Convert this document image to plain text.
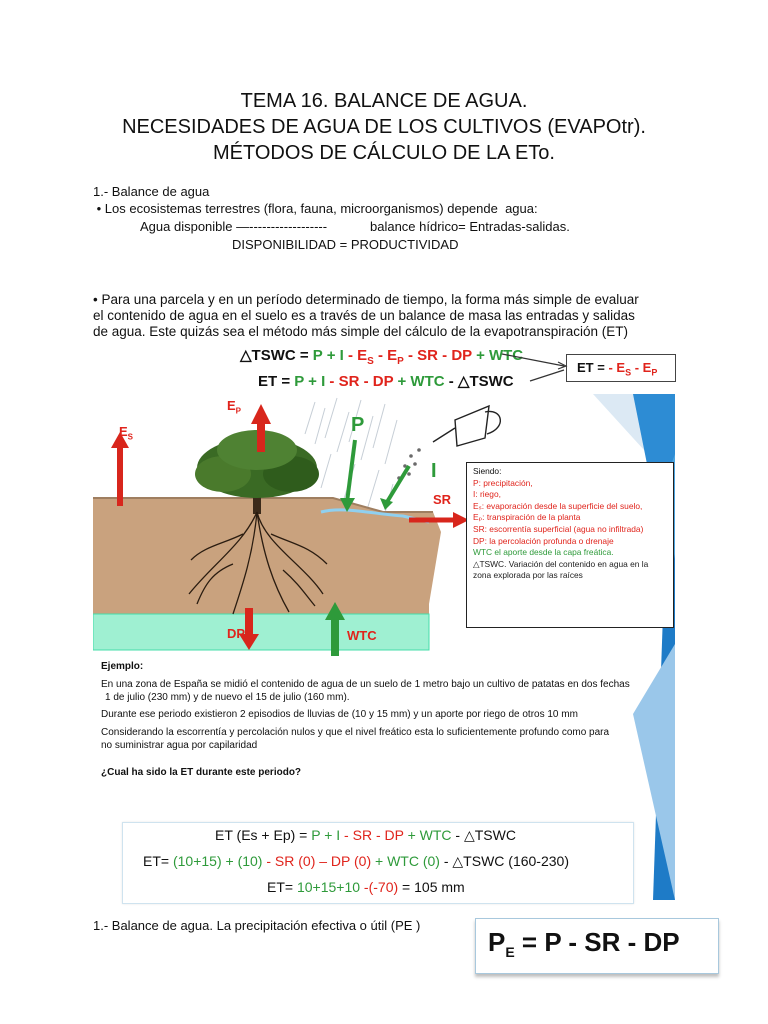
TEMA 16. BALANCE DE AGUA.
NECESIDADES DE AGUA DE LOS CULTIVOS (EVAPOtr).
MÉTODOS DE CÁLCULO DE LA ETo.
1.- Balance de agua
• Los ecosistemas terrestres (flora, fauna, microorganismos) depende  agua:
Agua disponible —------------------	balance hídrico= Entradas-salidas.
DISPONIBILIDAD = PRODUCTIVIDAD
• Para una parcela y en un período determinado de tiempo, la forma más simple de evaluar
el contenido de agua en el suelo es a través de un balance de masa las entradas y salidas
de agua. Este quizás sea el método más simple del cálculo de la evapotranspiración (ET)
△TSWC = $P + I - E_S - E_P$ - SR - DP + WTC
ET = P + I - SR - DP + WTC - △TSWC
ET = - $E_S - E_P$
$E_P$
$E_S$
P
I
SR
DP	WTC
Ejemplo:
En una zona de España se midió el contenido de agua de un suelo de 1 metro bajo un cultivo de patatas en dos fechas
1 de julio (230 mm) y de nuevo el 15 de julio (160 mm).
Durante ese periodo existieron 2 episodios de lluvias de (10 y 15 mm) y un aporte por riego de otros 10 mm
Considerando la escorrentía y percolación nulos y que el nivel freático esta lo suficientemente profundo como para
no suministrar agua por capilaridad
¿Cual ha sido la ET durante este periodo?
Siendo:
P: precipitación,
I: riego,
Eₛ: evaporación desde la superficie del suelo,
Eₚ: transpiración de la planta
SR: escorrentía superficial (agua no infiltrada)
DP: la percolación profunda o drenaje
WTC el aporte desde la capa freática.
△TSWC. Variación del contenido en agua en la zona explorada por las raíces
ET (Es + Ep) = P + I - SR - DP + WTC - △TSWC
ET= (10+15) + (10) - SR (0) – DP (0) + WTC (0) - △TSWC (160-230)
ET= 10+15+10 -(-70) = 105 mm
1.- Balance de agua. La precipitación efectiva o útil (PE )
$P_E = P$ - SR - DP
